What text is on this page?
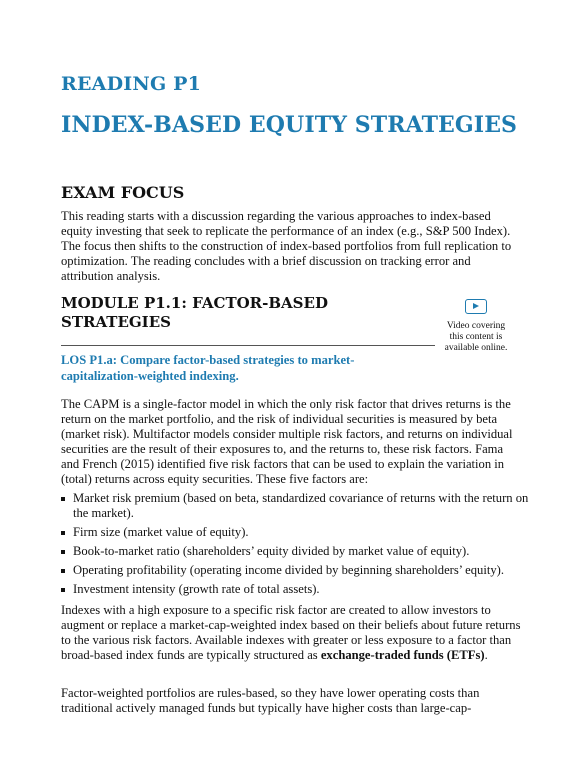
READING P1
INDEX-BASED EQUITY STRATEGIES
EXAM FOCUS

This reading starts with a discussion regarding the various approaches to index-based equity investing that seek to replicate the performance of an index (e.g., S&P 500 Index). The focus then shifts to the construction of index-based portfolios from full replication to optimization. The reading concludes with a brief discussion on tracking error and attribution analysis.

MODULE P1.1: FACTOR-BASED
STRATEGIES	Video covering
this content is
available online.
LOS P1.a: Compare factor-based strategies to market-
capitalization-weighted indexing.

The CAPM is a single-factor model in which the only risk factor that drives returns is the return on the market portfolio, and the risk of individual securities is measured by beta (market risk). Multifactor models consider multiple risk factors, and returns on individual securities are the result of their exposures to, and the returns to, these risk factors. Fama and French (2015) identified five risk factors that can be used to explain the variation in (total) returns across equity securities. These five factors are:

Market risk premium (based on beta, standardized covariance of returns with the return on the market).
Firm size (market value of equity).
Book-to-market ratio (shareholders’ equity divided by market value of equity).
Operating profitability (operating income divided by beginning shareholders’ equity).
Investment intensity (growth rate of total assets).

Indexes with a high exposure to a specific risk factor are created to allow investors to augment or replace a market-cap-weighted index based on their beliefs about future returns to the various risk factors. Available indexes with greater or less exposure to a factor than broad-based index funds are typically structured as exchange-traded funds (ETFs).

Factor-weighted portfolios are rules-based, so they have lower operating costs than traditional actively managed funds but typically have higher costs than large-cap-
